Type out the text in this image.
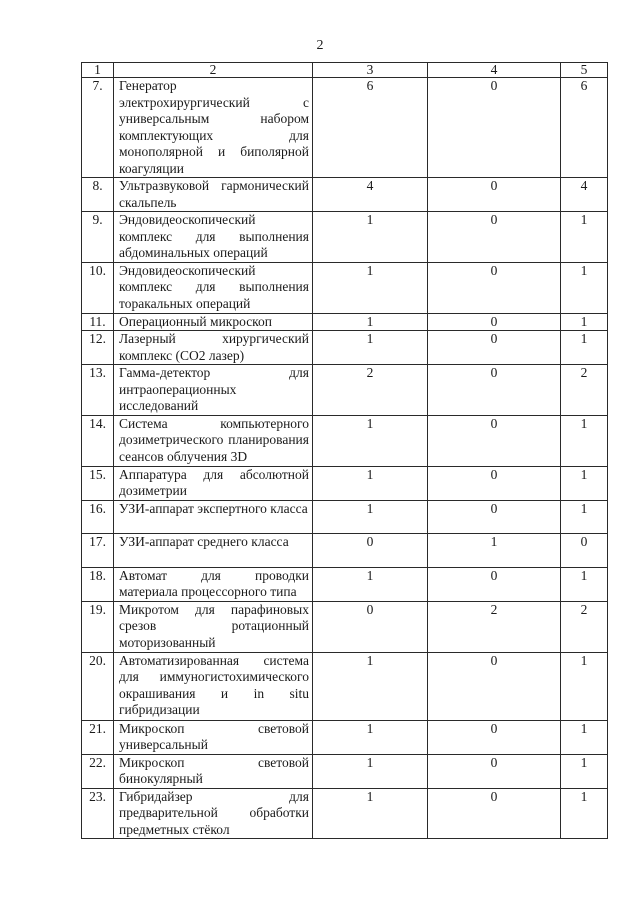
2
1	2	3	4	5
7.	Генератор электрохирургический с универсальным набором комплектующих для монополярной и биполярной коагуляции	6	0	6
8.	Ультразвуковой гармонический скальпель	4	0	4
9.	Эндовидеоскопический комплекс для выполнения абдоминальных операций	1	0	1
10.	Эндовидеоскопический комплекс для выполнения торакальных операций	1	0	1
11.	Операционный микроскоп	1	0	1
12.	Лазерный хирургический комплекс (СО2 лазер)	1	0	1
13.	Гамма-детектор для интраоперационных исследований	2	0	2
14.	Система компьютерного дозиметрического планирования сеансов облучения 3D	1	0	1
15.	Аппаратура для абсолютной дозиметрии	1	0	1
16.	УЗИ-аппарат экспертного класса	1	0	1
17.	УЗИ-аппарат среднего класса	0	1	0
18.	Автомат для проводки материала процессорного типа	1	0	1
19.	Микротом для парафиновых срезов ротационный моторизованный	0	2	2
20.	Автоматизированная система для иммуногистохимического окрашивания и in situ гибридизации	1	0	1
21.	Микроскоп световой универсальный	1	0	1
22.	Микроскоп световой бинокулярный	1	0	1
23.	Гибридайзер для предварительной обработки предметных стёкол	1	0	1
